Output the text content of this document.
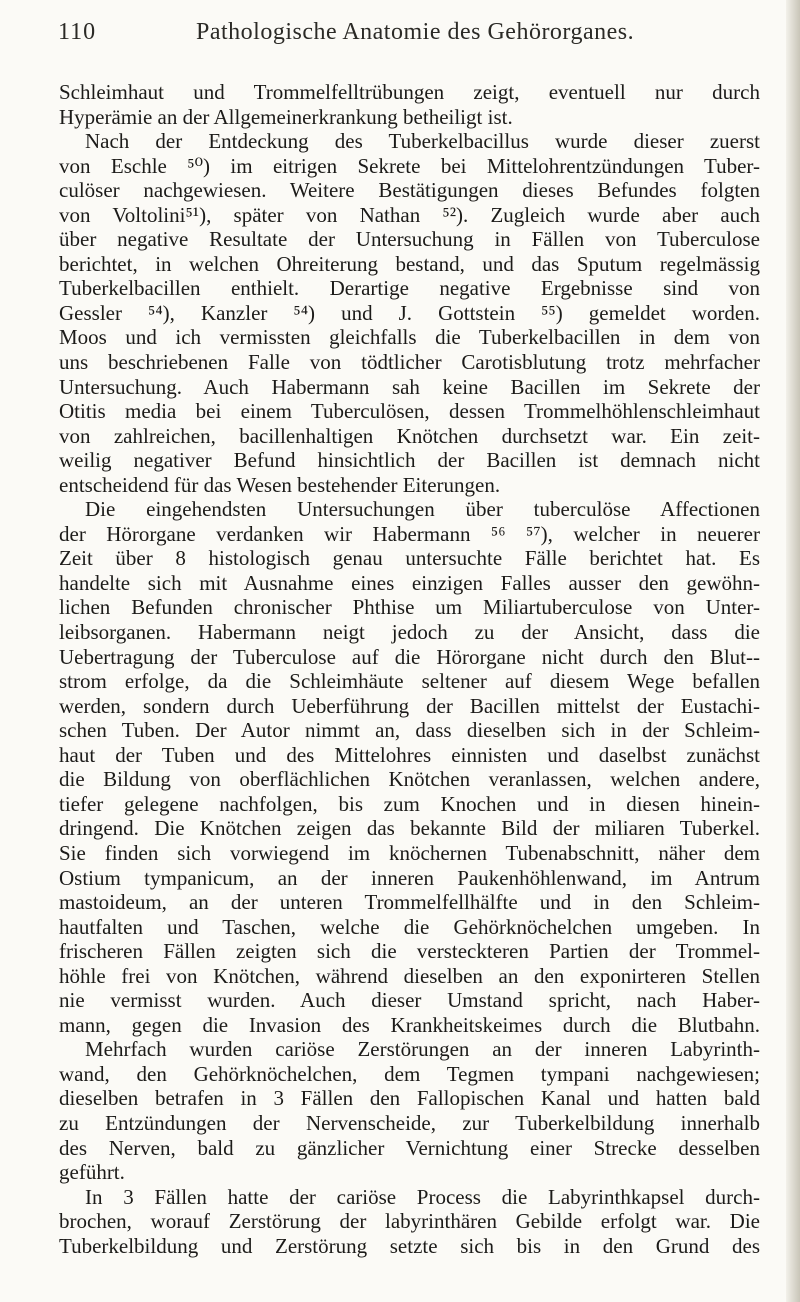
110	Pathologische Anatomie des Gehörorganes.
Schleimhaut und Trommelfelltrübungen zeigt, eventuell nur durch
Hyperämie an der Allgemeinerkrankung betheiligt ist.
Nach der Entdeckung des Tuberkelbacillus wurde dieser zuerst
von Eschle ⁵⁰) im eitrigen Sekrete bei Mittelohrentzündungen Tuber-
culöser nachgewiesen. Weitere Bestätigungen dieses Befundes folgten
von Voltolini⁵¹), später von Nathan ⁵²). Zugleich wurde aber auch
über negative Resultate der Untersuchung in Fällen von Tuberculose
berichtet, in welchen Ohreiterung bestand, und das Sputum regelmässig
Tuberkelbacillen enthielt. Derartige negative Ergebnisse sind von
Gessler ⁵⁴), Kanzler ⁵⁴) und J. Gottstein ⁵⁵) gemeldet worden.
Moos und ich vermissten gleichfalls die Tuberkelbacillen in dem von
uns beschriebenen Falle von tödtlicher Carotisblutung trotz mehrfacher
Untersuchung. Auch Habermann sah keine Bacillen im Sekrete der
Otitis media bei einem Tuberculösen, dessen Trommelhöhlenschleimhaut
von zahlreichen, bacillenhaltigen Knötchen durchsetzt war. Ein zeit-
weilig negativer Befund hinsichtlich der Bacillen ist demnach nicht
entscheidend für das Wesen bestehender Eiterungen.
Die eingehendsten Untersuchungen über tuberculöse Affectionen
der Hörorgane verdanken wir Habermann ⁵⁶ ⁵⁷), welcher in neuerer
Zeit über 8 histologisch genau untersuchte Fälle berichtet hat. Es
handelte sich mit Ausnahme eines einzigen Falles ausser den gewöhn-
lichen Befunden chronischer Phthise um Miliartuberculose von Unter-
leibsorganen. Habermann neigt jedoch zu der Ansicht, dass die
Uebertragung der Tuberculose auf die Hörorgane nicht durch den Blut--
strom erfolge, da die Schleimhäute seltener auf diesem Wege befallen
werden, sondern durch Ueberführung der Bacillen mittelst der Eustachi-
schen Tuben. Der Autor nimmt an, dass dieselben sich in der Schleim-
haut der Tuben und des Mittelohres einnisten und daselbst zunächst
die Bildung von oberflächlichen Knötchen veranlassen, welchen andere,
tiefer gelegene nachfolgen, bis zum Knochen und in diesen hinein-
dringend. Die Knötchen zeigen das bekannte Bild der miliaren Tuberkel.
Sie finden sich vorwiegend im knöchernen Tubenabschnitt, näher dem
Ostium tympanicum, an der inneren Paukenhöhlenwand, im Antrum
mastoideum, an der unteren Trommelfellhälfte und in den Schleim-
hautfalten und Taschen, welche die Gehörknöchelchen umgeben. In
frischeren Fällen zeigten sich die versteckteren Partien der Trommel-
höhle frei von Knötchen, während dieselben an den exponirteren Stellen
nie vermisst wurden. Auch dieser Umstand spricht, nach Haber-
mann, gegen die Invasion des Krankheitskeimes durch die Blutbahn.
Mehrfach wurden cariöse Zerstörungen an der inneren Labyrinth-
wand, den Gehörknöchelchen, dem Tegmen tympani nachgewiesen;
dieselben betrafen in 3 Fällen den Fallopischen Kanal und hatten bald
zu Entzündungen der Nervenscheide, zur Tuberkelbildung innerhalb
des Nerven, bald zu gänzlicher Vernichtung einer Strecke desselben
geführt.
In 3 Fällen hatte der cariöse Process die Labyrinthkapsel durch-
brochen, worauf Zerstörung der labyrinthären Gebilde erfolgt war. Die
Tuberkelbildung und Zerstörung setzte sich bis in den Grund des
